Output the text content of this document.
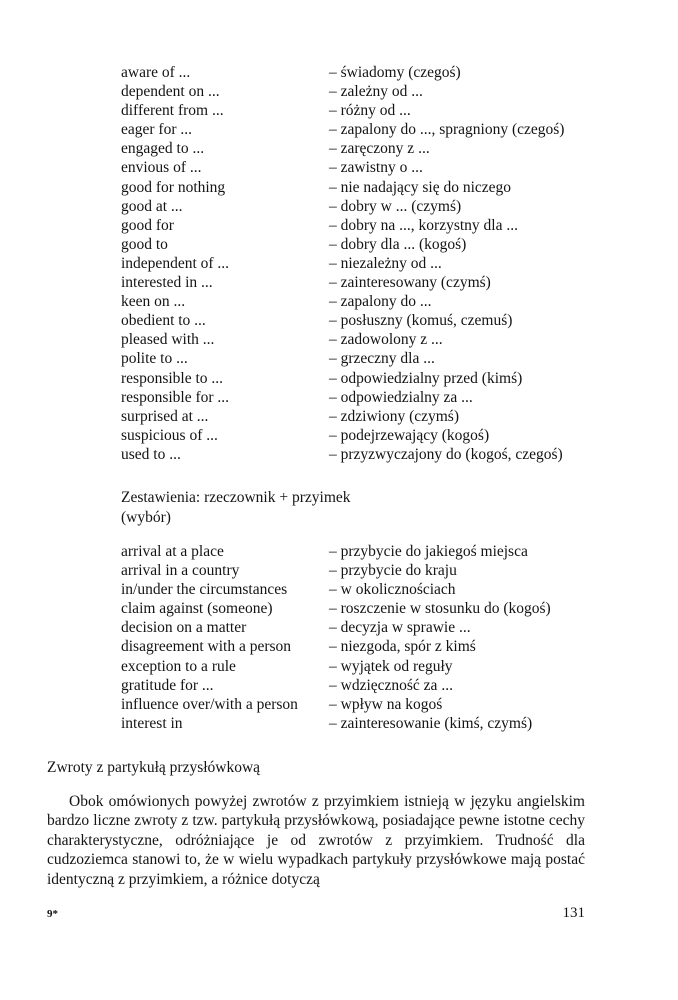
aware of ...	– świadomy (czegoś)
dependent on ...	– zależny od ...
different from ...	– różny od ...
eager for ...	– zapalony do ..., spragniony (czegoś)
engaged to ...	– zaręczony z ...
envious of ...	– zawistny o ...
good for nothing	– nie nadający się do niczego
good at ...	– dobry w ... (czymś)
good for	– dobry na ..., korzystny dla ...
good to	– dobry dla ... (kogoś)
independent of ...	– niezależny od ...
interested in ...	– zainteresowany (czymś)
keen on ...	– zapalony do ...
obedient to ...	– posłuszny (komuś, czemuś)
pleased with ...	– zadowolony z ...
polite to ...	– grzeczny dla ...
responsible to ...	– odpowiedzialny przed (kimś)
responsible for ...	– odpowiedzialny za ...
surprised at ...	– zdziwiony (czymś)
suspicious of ...	– podejrzewający (kogoś)
used to ...	– przyzwyczajony do (kogoś, czegoś)
Zestawienia: rzeczownik + przyimek
(wybór)
arrival at a place	– przybycie do jakiegoś miejsca
arrival in a country	– przybycie do kraju
in/under the circumstances	– w okolicznościach
claim against (someone)	– roszczenie w stosunku do (kogoś)
decision on a matter	– decyzja w sprawie ...
disagreement with a person	– niezgoda, spór z kimś
exception to a rule	– wyjątek od reguły
gratitude for ...	– wdzięczność za ...
influence over/with a person	– wpływ na kogoś
interest in	– zainteresowanie (kimś, czymś)
Zwroty z partykułą przysłówkową

Obok omówionych powyżej zwrotów z przyimkiem istnieją w języku angielskim bardzo liczne zwroty z tzw. partykułą przysłówkową, posiadające pewne istotne cechy charakterystyczne, odróżniające je od zwrotów z przyimkiem. Trudność dla cudzoziemca stanowi to, że w wielu wypadkach partykuły przysłówkowe mają postać identyczną z przyimkiem, a różnice dotyczą

9*	131
